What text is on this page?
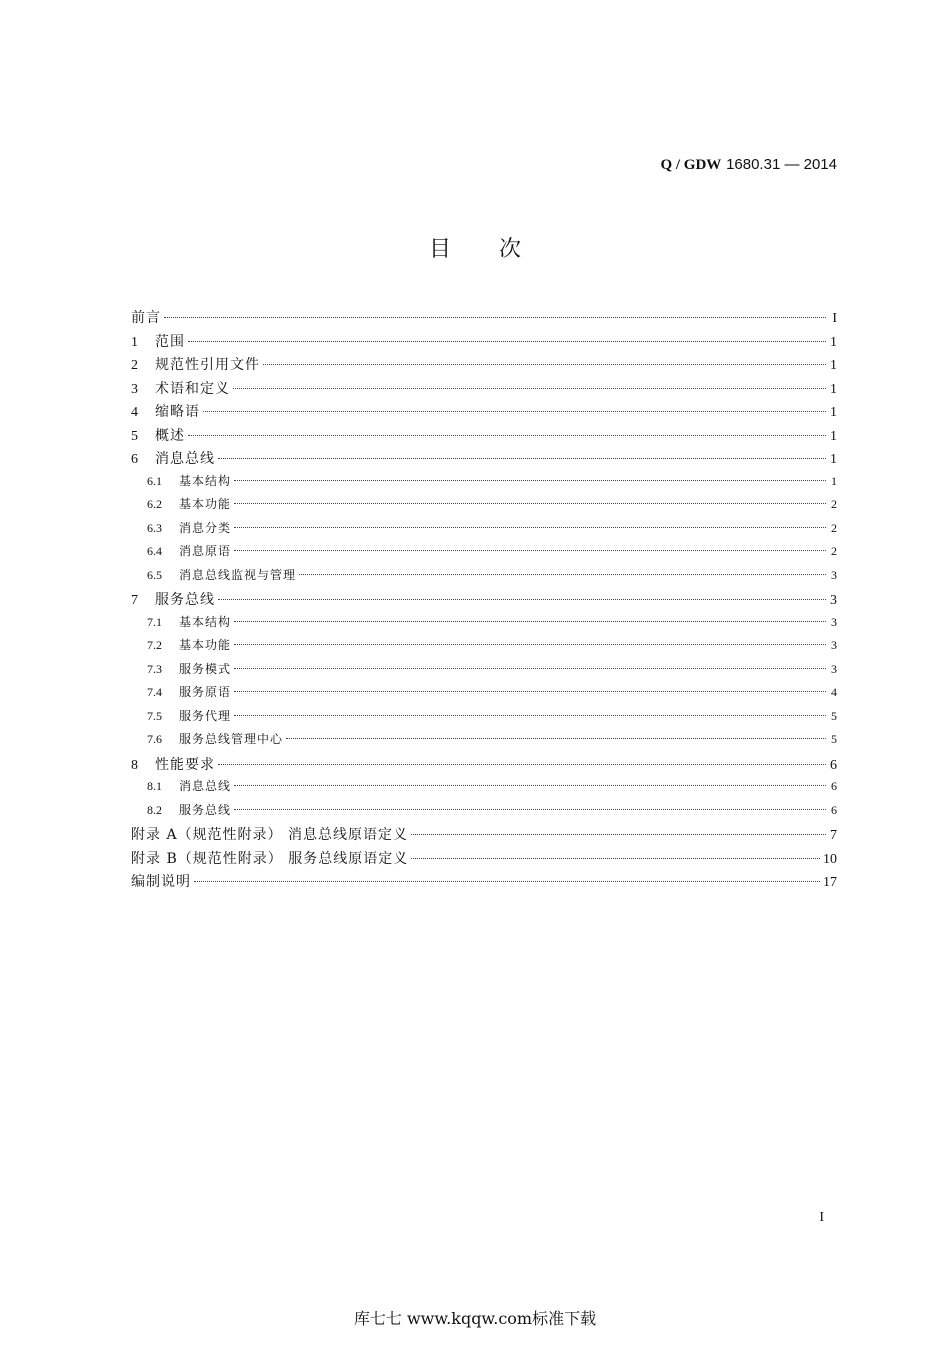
Q / GDW 1680.31 — 2014
目次
前言	I
1	范围	1
2	规范性引用文件	1
3	术语和定义	1
4	缩略语	1
5	概述	1
6	消息总线	1
6.1	基本结构	1
6.2	基本功能	2
6.3	消息分类	2
6.4	消息原语	2
6.5	消息总线监视与管理	3
7	服务总线	3
7.1	基本结构	3
7.2	基本功能	3
7.3	服务模式	3
7.4	服务原语	4
7.5	服务代理	5
7.6	服务总线管理中心	5
8	性能要求	6
8.1	消息总线	6
8.2	服务总线	6
附录 A（规范性附录） 消息总线原语定义	7
附录 B（规范性附录） 服务总线原语定义	10
编制说明	17
I
库七七 www.kqqw.com标准下载
